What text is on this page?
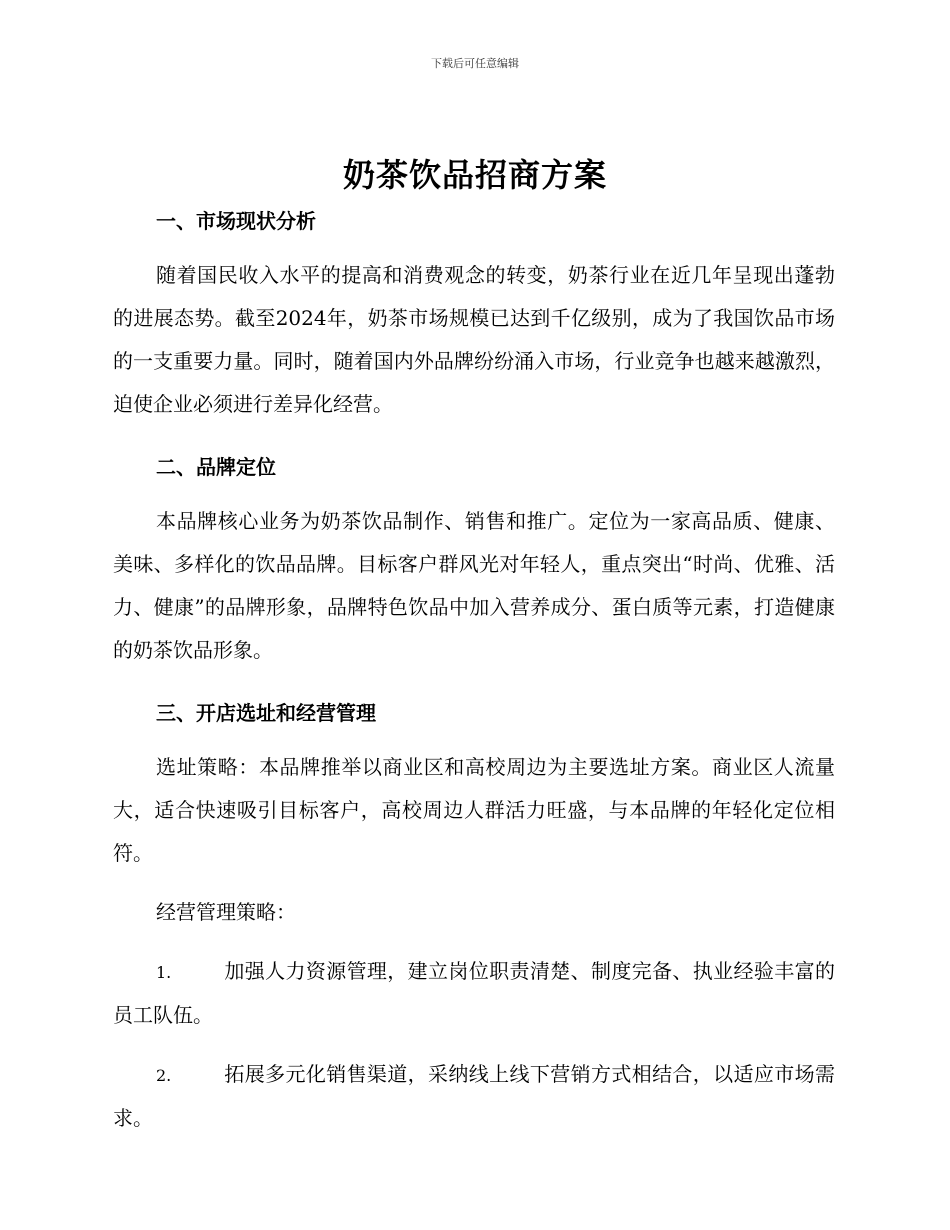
下载后可任意编辑
奶茶饮品招商方案
一、市场现状分析

随着国民收入水平的提高和消费观念的转变，奶茶行业在近几年呈现出蓬勃的进展态势。截至2024年，奶茶市场规模已达到千亿级别，成为了我国饮品市场的一支重要力量。同时，随着国内外品牌纷纷涌入市场，行业竞争也越来越激烈，迫使企业必须进行差异化经营。

二、品牌定位

本品牌核心业务为奶茶饮品制作、销售和推广。定位为一家高品质、健康、美味、多样化的饮品品牌。目标客户群风光对年轻人，重点突出“时尚、优雅、活力、健康”的品牌形象，品牌特色饮品中加入营养成分、蛋白质等元素，打造健康的奶茶饮品形象。

三、开店选址和经营管理

选址策略：本品牌推举以商业区和高校周边为主要选址方案。商业区人流量大，适合快速吸引目标客户，高校周边人群活力旺盛，与本品牌的年轻化定位相符。

经营管理策略：

1.	加强人力资源管理，建立岗位职责清楚、制度完备、执业经验丰富的员工队伍。

2.	拓展多元化销售渠道，采纳线上线下营销方式相结合，以适应市场需求。
